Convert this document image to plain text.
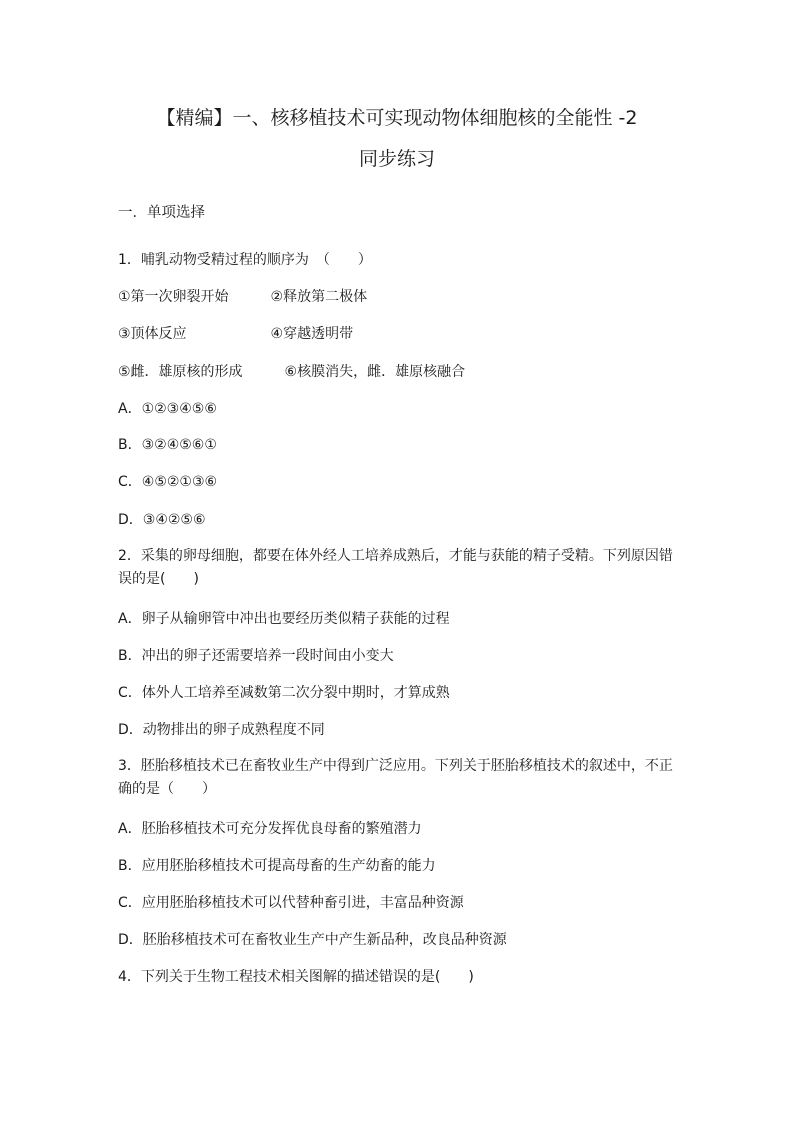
【精编】一、核移植技术可实现动物体细胞核的全能性 -2
同步练习
一．单项选择
1．哺乳动物受精过程的顺序为　（　　）
①第一次卵裂开始　　　②释放第二极体
③顶体反应　　　　　　④穿越透明带
⑤雌．雄原核的形成　　　⑥核膜消失，雌．雄原核融合
A．①②③④⑤⑥
B．③②④⑤⑥①
C．④⑤②①③⑥
D．③④②⑤⑥
2．采集的卵母细胞，都要在体外经人工培养成熟后，才能与获能的精子受精。下列原因错误的是(　　)
A．卵子从输卵管中冲出也要经历类似精子获能的过程
B．冲出的卵子还需要培养一段时间由小变大
C．体外人工培养至减数第二次分裂中期时，才算成熟
D．动物排出的卵子成熟程度不同
3．胚胎移植技术已在畜牧业生产中得到广泛应用。下列关于胚胎移植技术的叙述中，不正确的是（　　）
A．胚胎移植技术可充分发挥优良母畜的繁殖潜力
B．应用胚胎移植技术可提高母畜的生产幼畜的能力
C．应用胚胎移植技术可以代替种畜引进，丰富品种资源
D．胚胎移植技术可在畜牧业生产中产生新品种，改良品种资源
4．下列关于生物工程技术相关图解的描述错误的是(　　)
